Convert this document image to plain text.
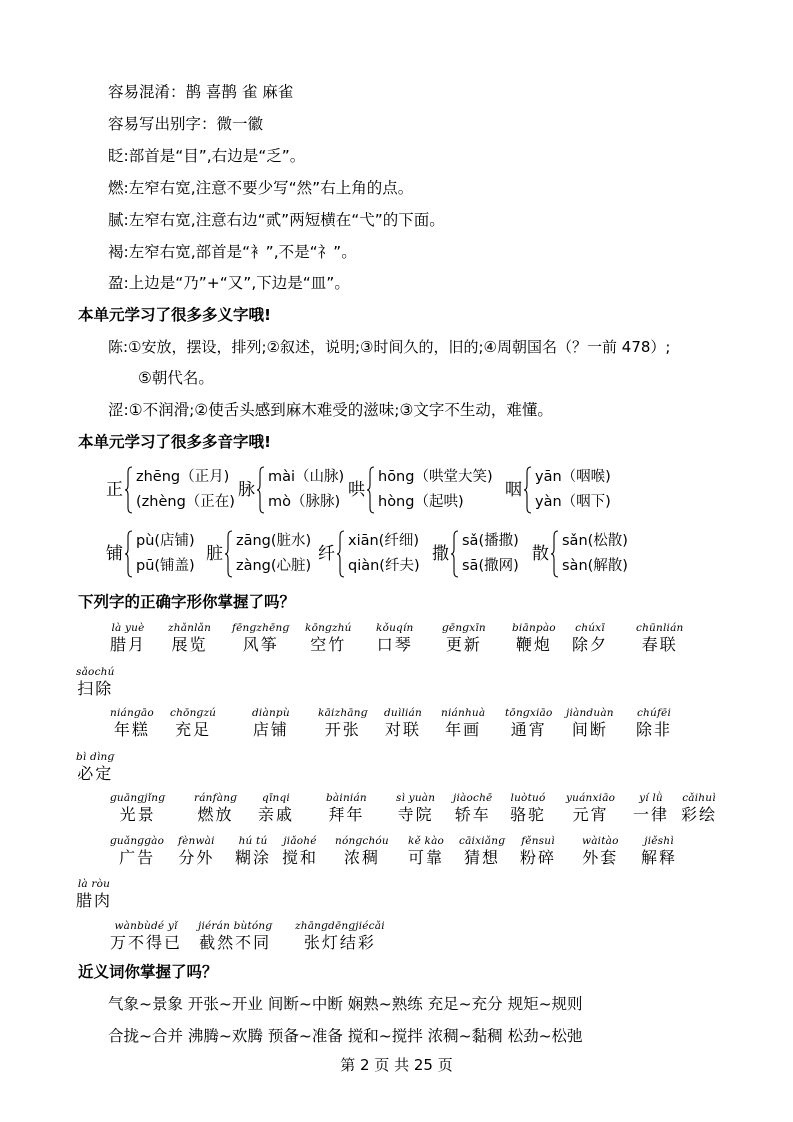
容易混淆：鹊 喜鹊 雀 麻雀
容易写出别字：微一徽
眨:部首是“目”,右边是“乏”。
燃:左窄右宽,注意不要少写“然”右上角的点。
腻:左窄右宽,注意右边“贰”两短横在“弋”的下面。
褐:左窄右宽,部首是“衤”,不是“礻”。
盈:上边是“乃”+“又”,下边是“皿”。
本单元学习了很多多义字哦!
陈:①安放，摆设，排列;②叙述，说明;③时间久的，旧的;④周朝国名（？一前 478）;
⑤朝代名。
涩:①不润滑;②使舌头感到麻木难受的滋味;③文字不生动，难懂。
本单元学习了很多多音字哦!
正
zhēng（正月)
(zhèng（正在)
脉
mài（山脉)
mò（脉脉)
哄
hōng（哄堂大笑)
hòng（起哄)
咽
yān（咽喉)
yàn（咽下)
铺
pù(店铺)
pū(铺盖)
脏
zāng(脏水)
zàng(心脏)
纤
xiān(纤细)
qiàn(纤夫)
撒
sǎ(播撒)
sā(撒网)
散
sǎn(松散)
sàn(解散)
下列字的正确字形你掌握了吗？
là yuè
腊月
zhǎnlǎn
展览
fēnɡzhēnɡ
风筝
kōnɡzhú
空竹
kǒuqín
口琴
ɡēnɡxīn
更新
biānpào
鞭炮
chúxī
除夕
chūnlián
春联
sǎochú
扫除
niánɡāo
年糕
chōnɡzú
充足
diànpù
店铺
kāizhānɡ
开张
duìlián
对联
niánhuà
年画
tōnɡxiāo
通宵
jiànduàn
间断
chúfēi
除非
bì dìnɡ
必定
ɡuānɡjǐnɡ
光景
ránfànɡ
燃放
qīnqi
亲戚
bàinián
拜年
sì yuàn
寺院
jiàochē
轿车
luòtuó
骆驼
yuánxiāo
元宵
yí lǜ
一律
cǎihuì
彩绘
ɡuǎnɡɡào
广告
fènwài
分外
hú tú
糊涂
jiǎohé
搅和
nónɡchóu
浓稠
kě kào
可靠
cāixiǎnɡ
猜想
fěnsuì
粉碎
wàitào
外套
jiěshì
解释
là ròu
腊肉
wànbùdé yǐ
万不得已
jiérán bùtónɡ
截然不同
zhānɡdēnɡjiécǎi
张灯结彩
近义词你掌握了吗？
气象~景象 开张~开业 间断~中断 娴熟~熟练 充足~充分 规矩~规则
合拢~合并 沸腾~欢腾 预备~准备 搅和~搅拌 浓稠~黏稠 松劲~松弛
第 2 页 共 25 页
